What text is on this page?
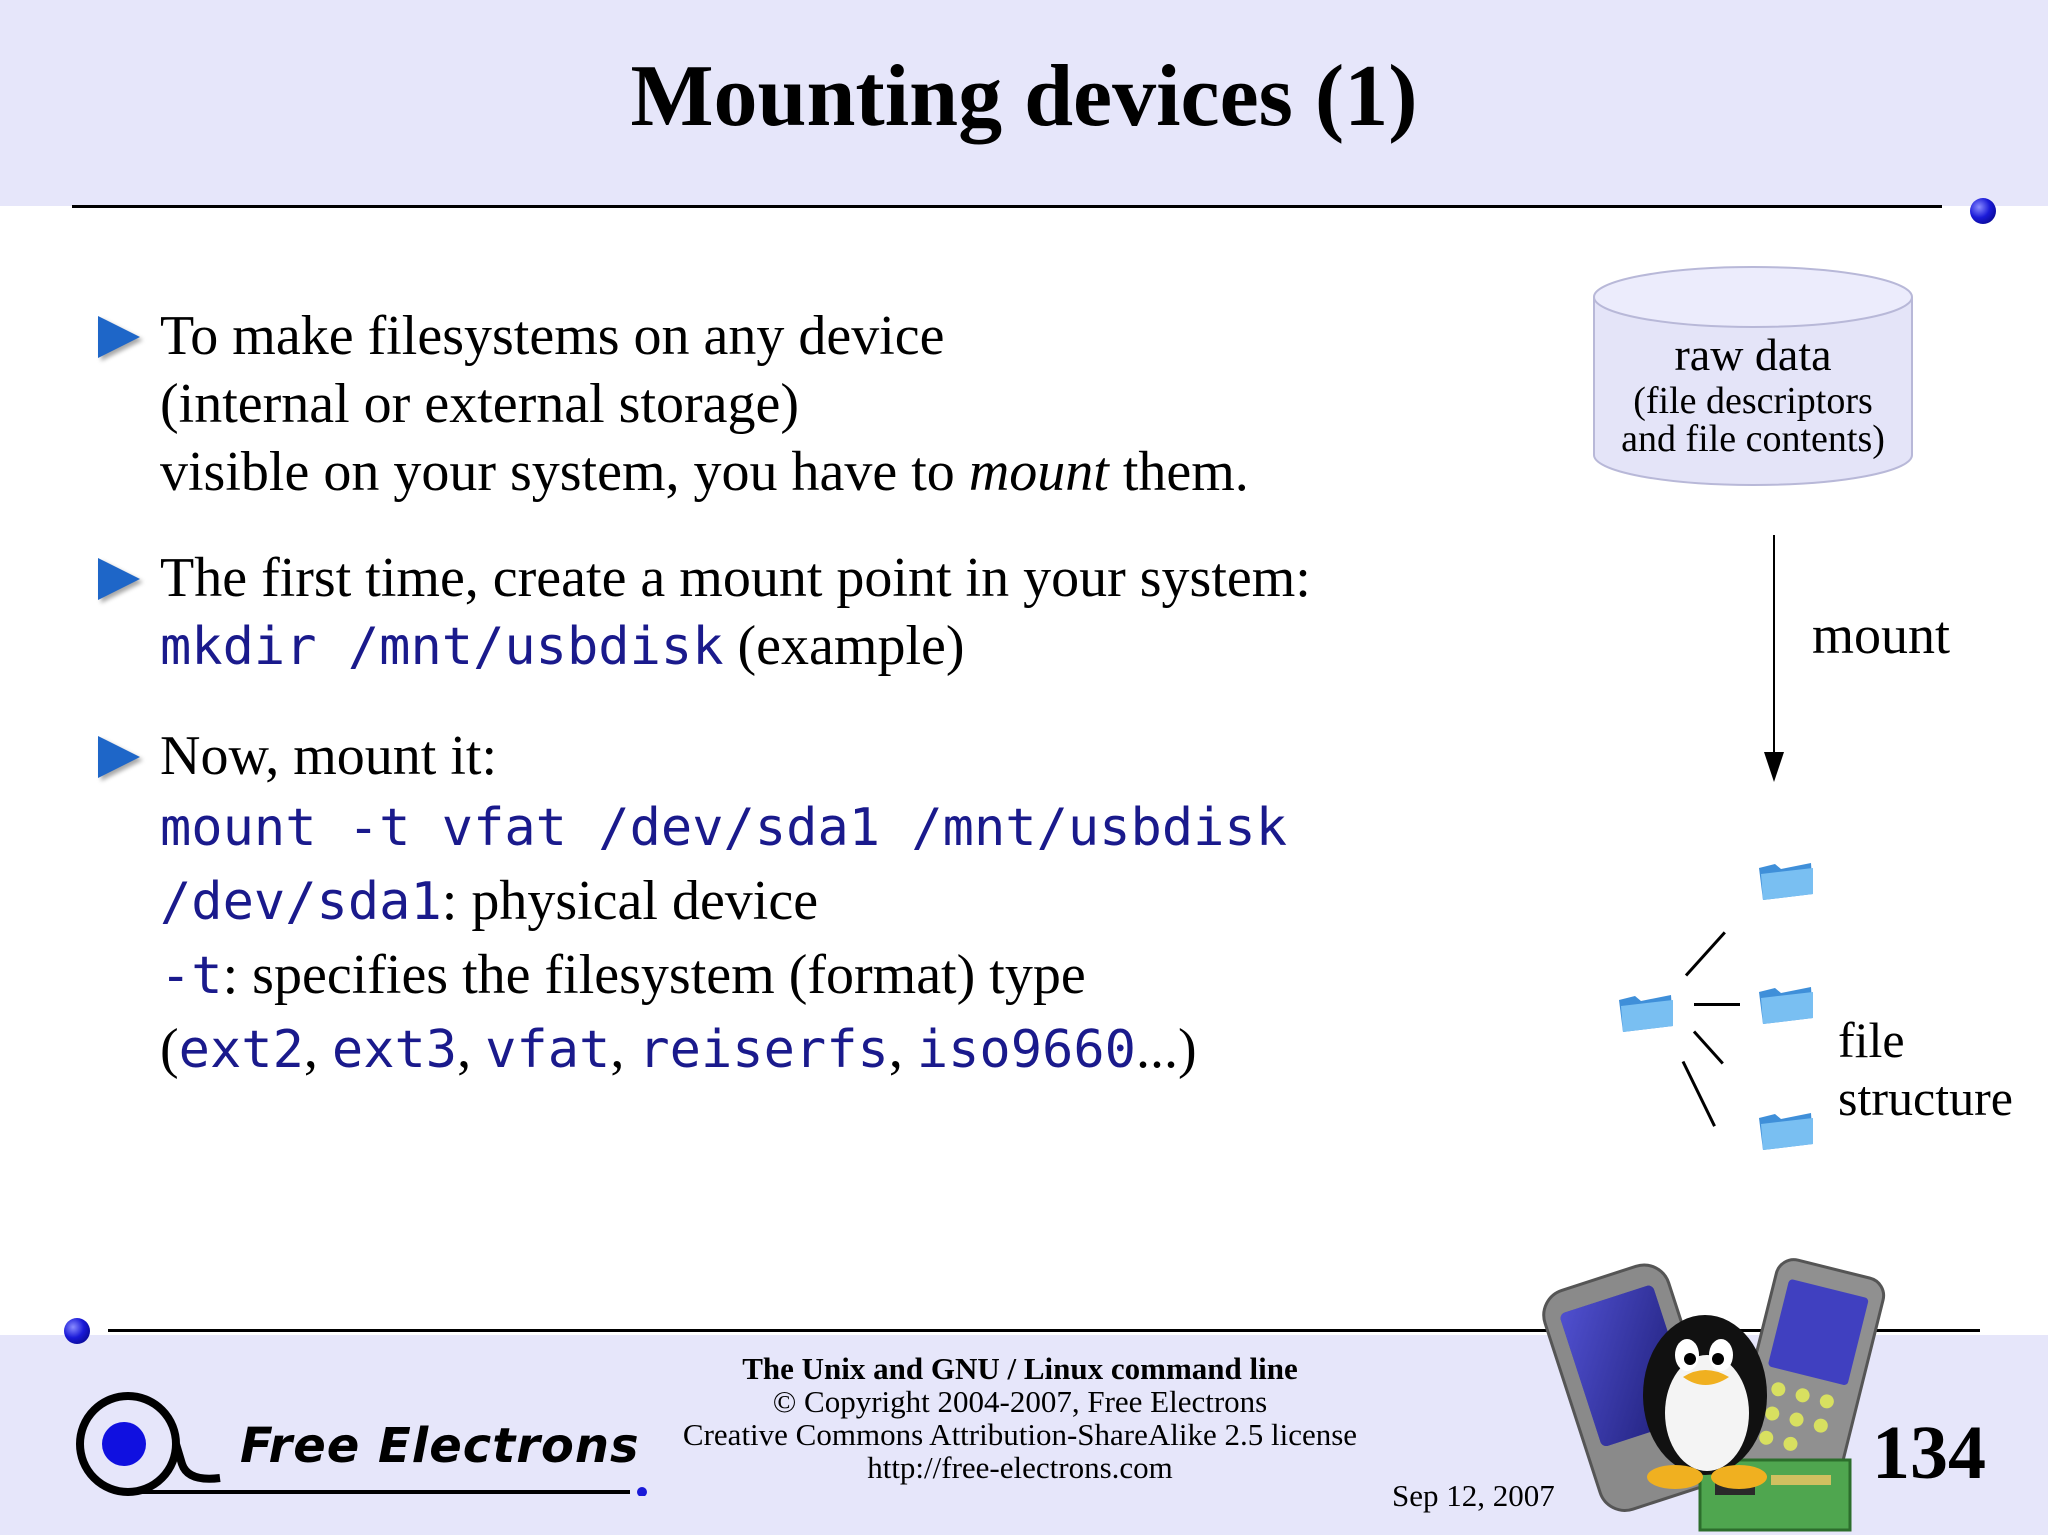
Mounting devices (1)
To make filesystems on any device
(internal or external storage)
visible on your system, you have to mount them.
The first time, create a mount point in your system:
mkdir /mnt/usbdisk (example)
Now, mount it:
mount -t vfat /dev/sda1 /mnt/usbdisk
/dev/sda1: physical device
-t: specifies the filesystem (format) type
(ext2, ext3, vfat, reiserfs, iso9660...)
raw data
(file descriptors
and file contents)
mount
file
structure
Free Electrons
The Unix and GNU / Linux command line
© Copyright 2004-2007, Free Electrons
Creative Commons Attribution-ShareAlike 2.5 license
http://free-electrons.com
Sep 12, 2007
134
